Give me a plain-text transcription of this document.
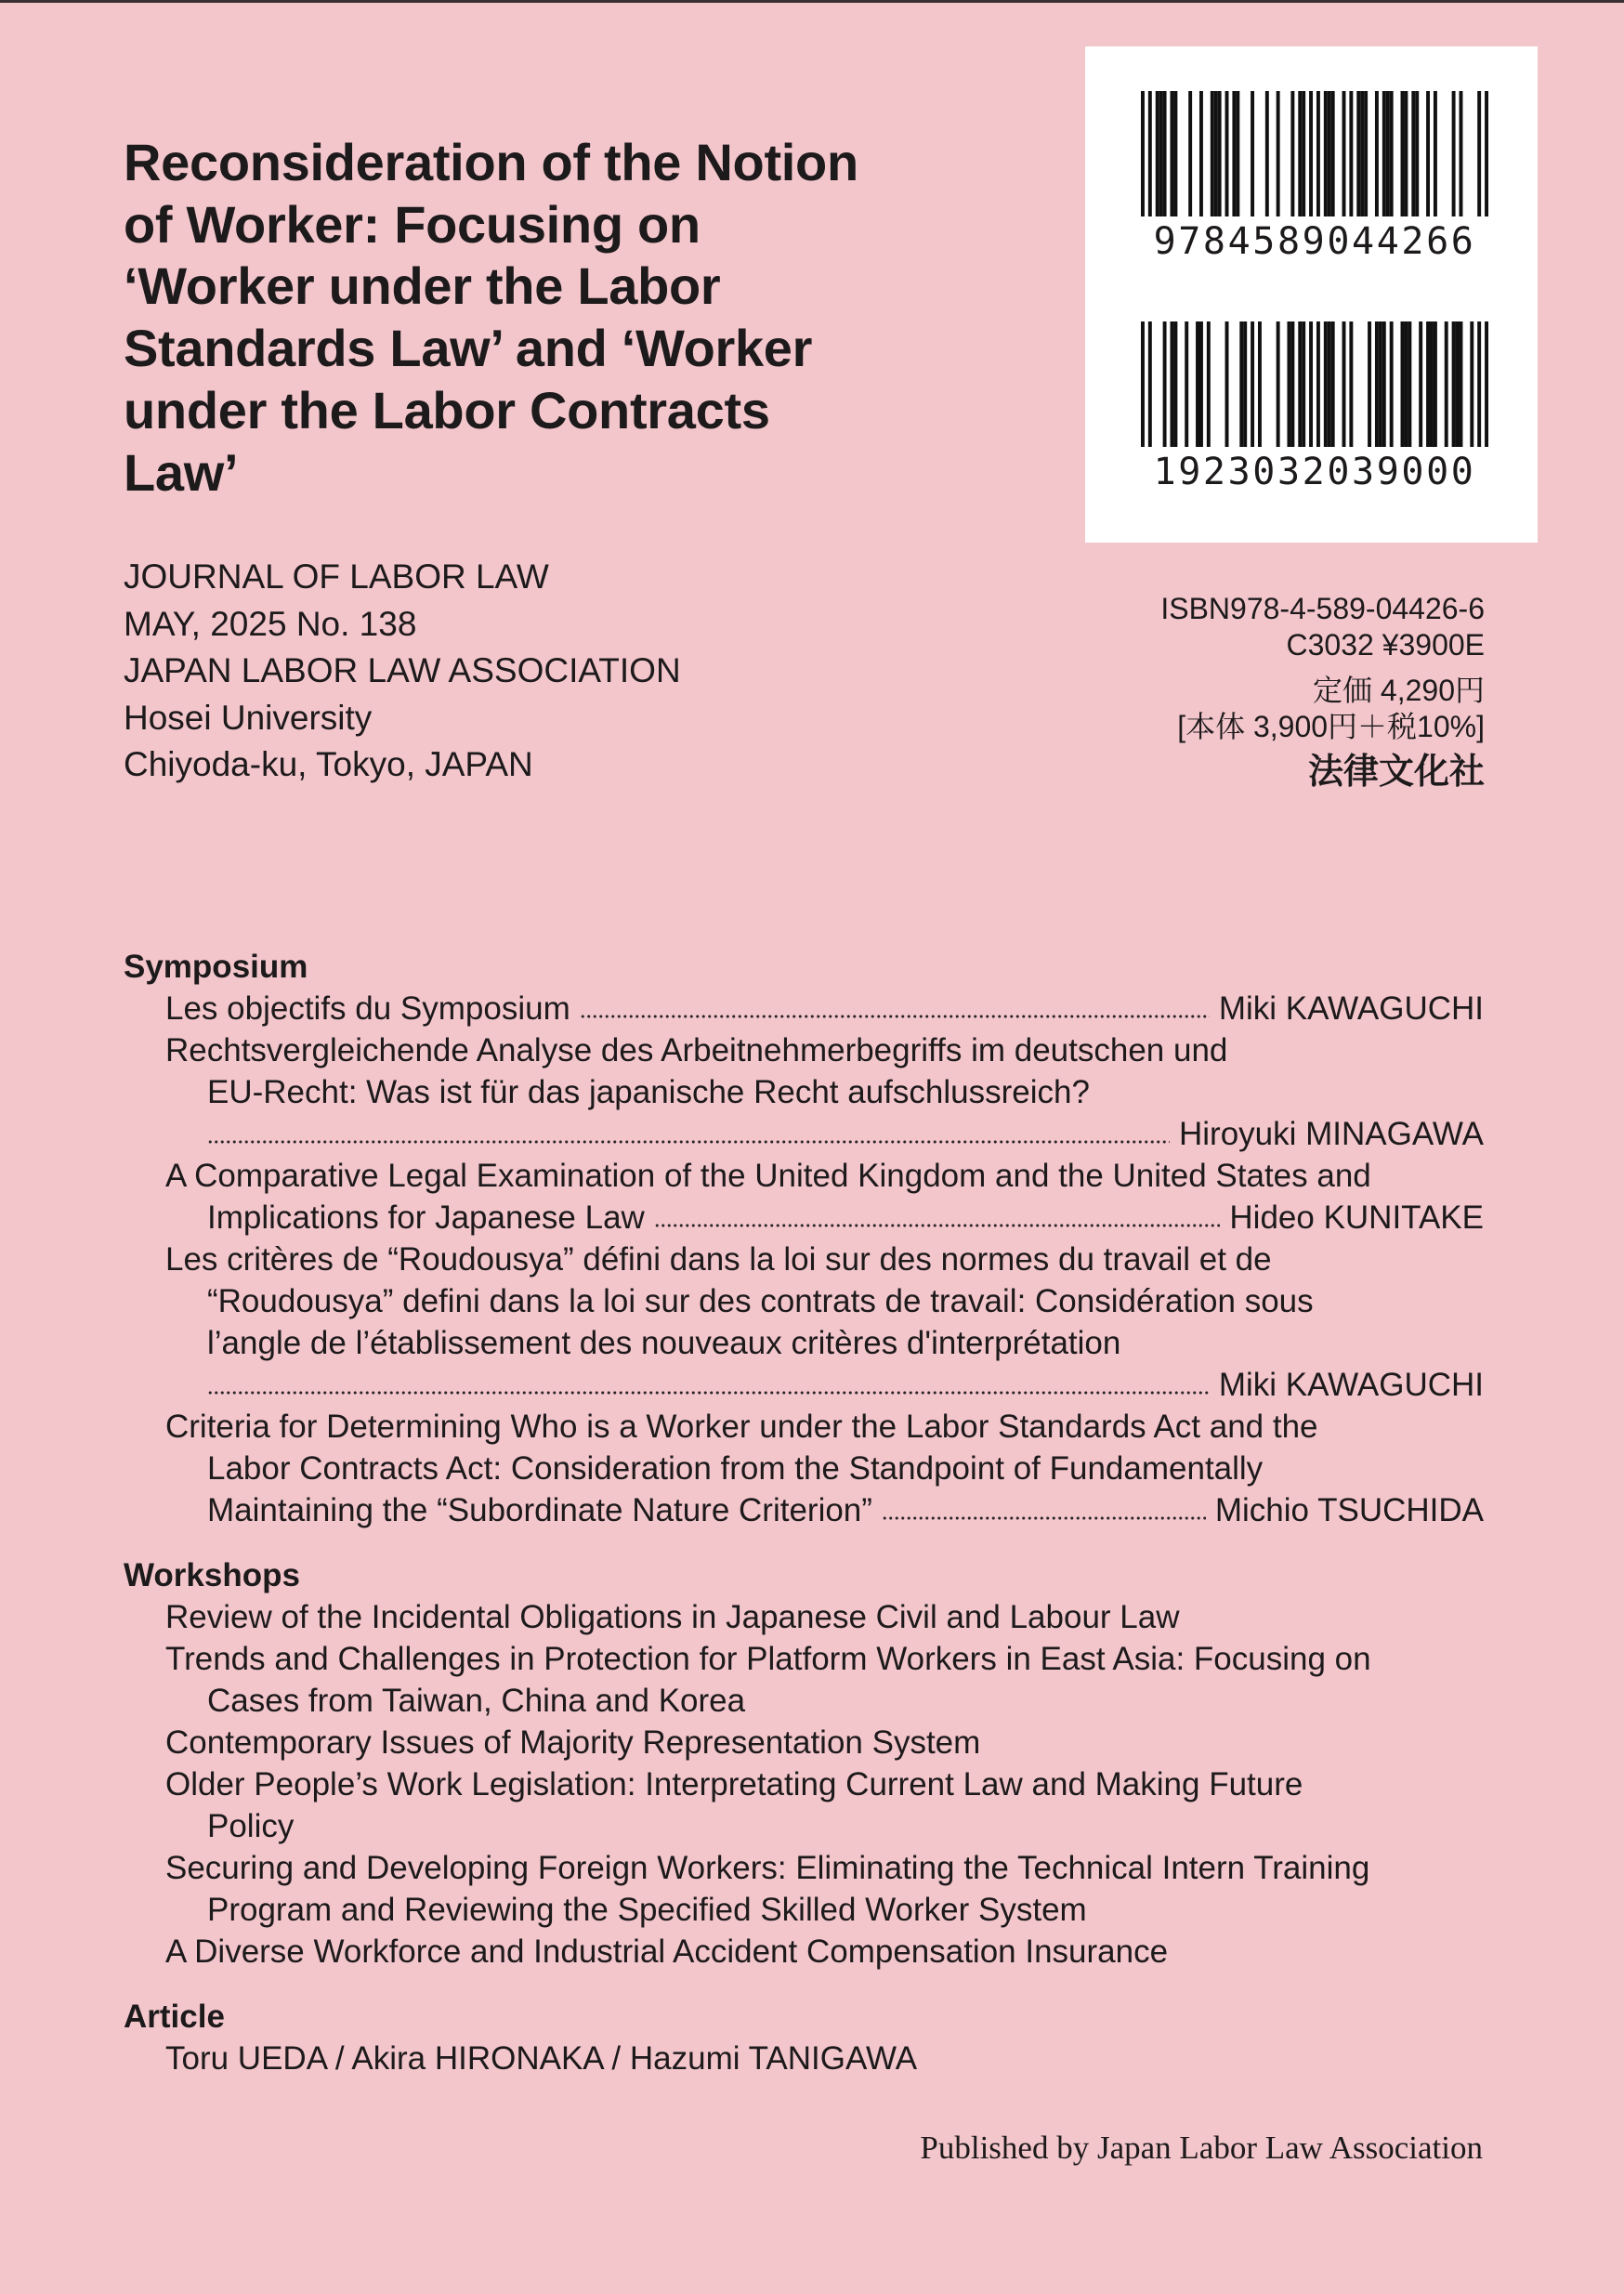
Reconsideration of the Notion
of Worker: Focusing on
‘Worker under the Labor
Standards Law’ and ‘Worker
under the Labor Contracts
Law’
JOURNAL OF LABOR LAW
MAY, 2025 No. 138
JAPAN LABOR LAW ASSOCIATION
Hosei University
Chiyoda-ku, Tokyo, JAPAN
9784589044266
1923032039000
ISBN978-4-589-04426-6
C3032 ¥3900E
定価 4,290円
[本体 3,900円＋税10%]
法律文化社
Symposium
Les objectifs du Symposium	Miki KAWAGUCHI
Rechtsvergleichende Analyse des Arbeitnehmerbegriffs im deutschen und
EU-Recht: Was ist für das japanische Recht aufschlussreich?
Hiroyuki MINAGAWA
A Comparative Legal Examination of the United Kingdom and the United States and
Implications for Japanese Law	Hideo KUNITAKE
Les critères de “Roudousya” défini dans la loi sur des normes du travail et de
“Roudousya” defini dans la loi sur des contrats de travail: Considération sous
l’angle de l’établissement des nouveaux critères d'interprétation
Miki KAWAGUCHI
Criteria for Determining Who is a Worker under the Labor Standards Act and the
Labor Contracts Act: Consideration from the Standpoint of Fundamentally
Maintaining the “Subordinate Nature Criterion”	Michio TSUCHIDA
Workshops
Review of the Incidental Obligations in Japanese Civil and Labour Law
Trends and Challenges in Protection for Platform Workers in East Asia: Focusing on
Cases from Taiwan, China and Korea
Contemporary Issues of Majority Representation System
Older People’s Work Legislation: Interpretating Current Law and Making Future
Policy
Securing and Developing Foreign Workers: Eliminating the Technical Intern Training
Program and Reviewing the Specified Skilled Worker System
A Diverse Workforce and Industrial Accident Compensation Insurance
Article
Toru UEDA / Akira HIRONAKA / Hazumi TANIGAWA
Published by Japan Labor Law Association
